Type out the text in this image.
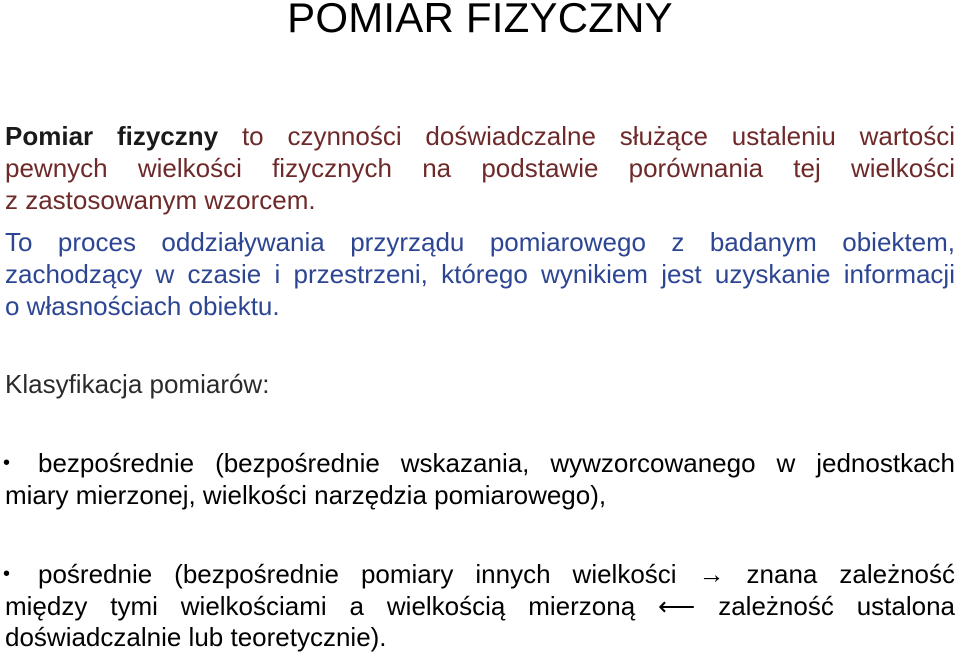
POMIAR FIZYCZNY
Pomiar fizyczny to czynności doświadczalne służące ustaleniu wartości
pewnych wielkości fizycznych na podstawie porównania tej wielkości
z zastosowanym wzorcem.
To proces oddziaływania przyrządu pomiarowego z badanym obiektem,
zachodzący w czasie i przestrzeni, którego wynikiem jest uzyskanie informacji
o własnościach obiektu.
Klasyfikacja pomiarów:
• bezpośrednie (bezpośrednie wskazania, wywzorcowanego w jednostkach
miary mierzonej, wielkości narzędzia pomiarowego),
• pośrednie (bezpośrednie pomiary innych wielkości → znana zależność
między tymi wielkościami a wielkością mierzoną ⟵ zależność ustalona
doświadczalnie lub teoretycznie).
